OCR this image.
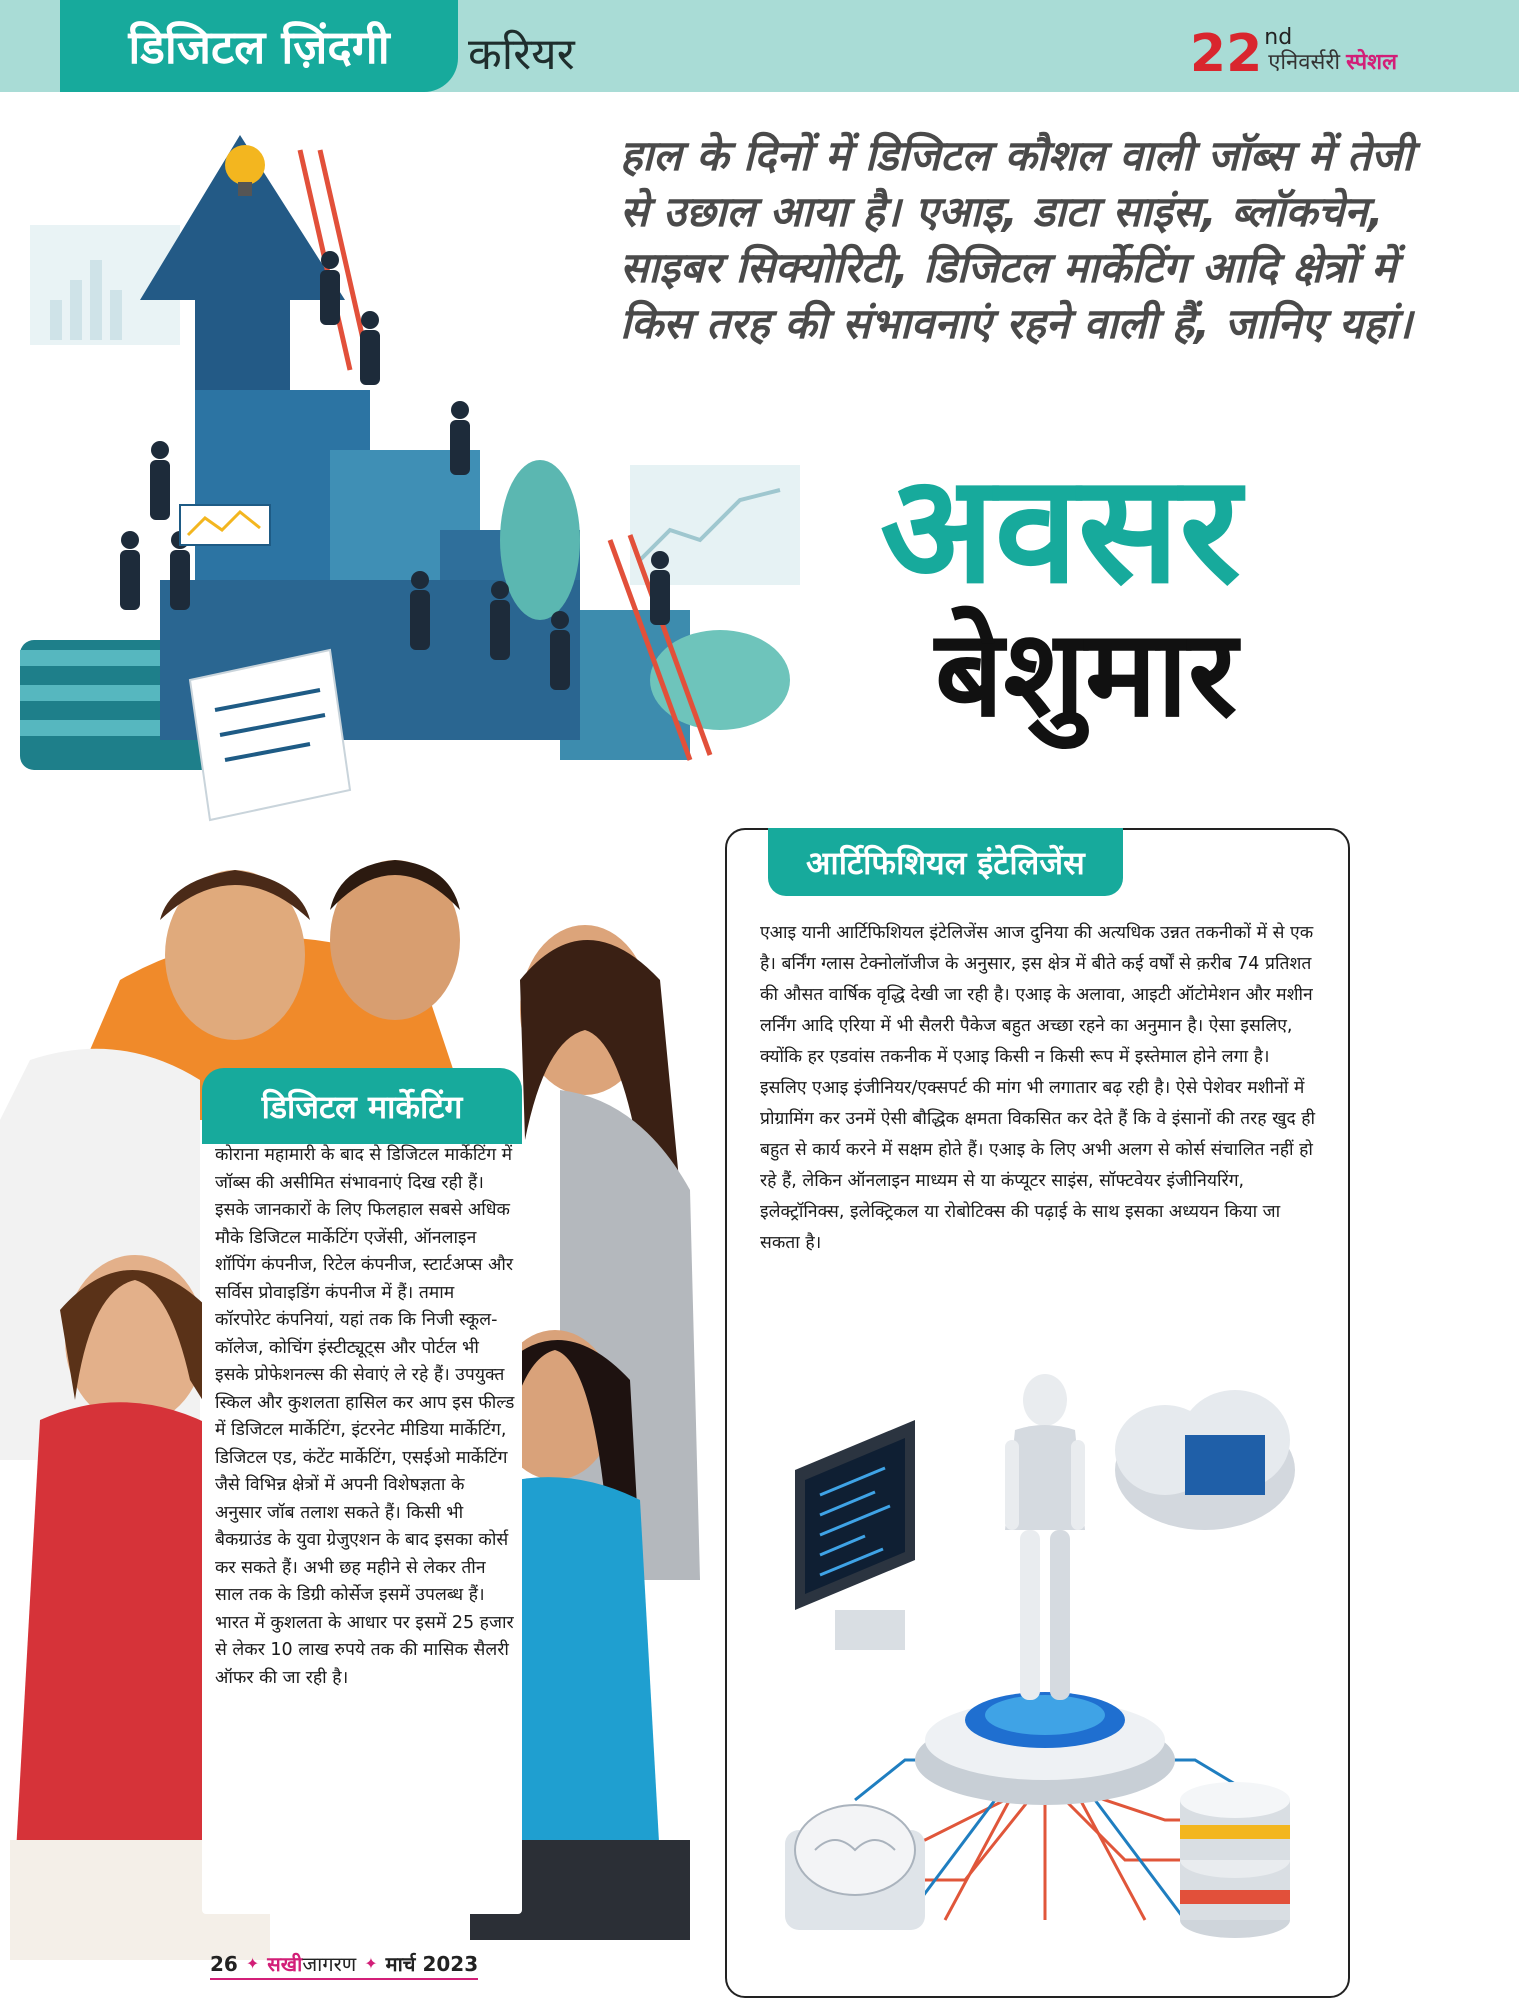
डिजिटल ज़िंदगी करियर	22 nd
एनिवर्सरी स्पेशल
हाल के दिनों में डिजिटल कौशल वाली जॉब्स में तेजी से उछाल आया है। एआइ, डाटा साइंस, ब्लॉकचेन, साइबर सिक्योरिटी, डिजिटल मार्केटिंग आदि क्षेत्रों में किस तरह की संभावनाएं रहने वाली हैं, जानिए यहां।
अवसर
बेशुमार
डिजिटल मार्केटिंग
कोराना महामारी के बाद से डिजिटल मार्केटिंग में जॉब्स की असीमित संभावनाएं दिख रही हैं। इसके जानकारों के लिए फिलहाल सबसे अधिक मौके डिजिटल मार्केटिंग एजेंसी, ऑनलाइन शॉपिंग कंपनीज, रिटेल कंपनीज, स्टार्टअप्स और सर्विस प्रोवाइडिंग कंपनीज में हैं। तमाम कॉरपोरेट कंपनियां, यहां तक कि निजी स्कूल-कॉलेज, कोचिंग इंस्टीट्यूट्स और पोर्टल भी इसके प्रोफेशनल्स की सेवाएं ले रहे हैं। उपयुक्त स्किल और कुशलता हासिल कर आप इस फील्ड में डिजिटल मार्केटिंग, इंटरनेट मीडिया मार्केटिंग, डिजिटल एड, कंटेंट मार्केटिंग, एसईओ मार्केटिंग जैसे विभिन्न क्षेत्रों में अपनी विशेषज्ञता के अनुसार जॉब तलाश सकते हैं। किसी भी बैकग्राउंड के युवा ग्रेजुएशन के बाद इसका कोर्स कर सकते हैं। अभी छह महीने से लेकर तीन साल तक के डिग्री कोर्सेज इसमें उपलब्ध हैं। भारत में कुशलता के आधार पर इसमें 25 हजार से लेकर 10 लाख रुपये तक की मासिक सैलरी ऑफर की जा रही है।
आर्टिफिशियल इंटेलिजेंस
एआइ यानी आर्टिफिशियल इंटेलिजेंस आज दुनिया की अत्यधिक उन्नत तकनीकों में से एक है। बर्निंग ग्लास टेक्नोलॉजीज के अनुसार, इस क्षेत्र में बीते कई वर्षों से क़रीब 74 प्रतिशत की औसत वार्षिक वृद्धि देखी जा रही है। एआइ के अलावा, आइटी ऑटोमेशन और मशीन लर्निंग आदि एरिया में भी सैलरी पैकेज बहुत अच्छा रहने का अनुमान है। ऐसा इसलिए, क्योंकि हर एडवांस तकनीक में एआइ किसी न किसी रूप में इस्तेमाल होने लगा है। इसलिए एआइ इंजीनियर/एक्सपर्ट की मांग भी लगातार बढ़ रही है। ऐसे पेशेवर मशीनों में प्रोग्रामिंग कर उनमें ऐसी बौद्धिक क्षमता विकसित कर देते हैं कि वे इंसानों की तरह खुद ही बहुत से कार्य करने में सक्षम होते हैं। एआइ के लिए अभी अलग से कोर्स संचालित नहीं हो रहे हैं, लेकिन ऑनलाइन माध्यम से या कंप्यूटर साइंस, सॉफ्टवेयर इंजीनियरिंग, इलेक्ट्रॉनिक्स, इलेक्ट्रिकल या रोबोटिक्स की पढ़ाई के साथ इसका अध्ययन किया जा सकता है।
26 ✦ सखीजागरण ✦ मार्च 2023
